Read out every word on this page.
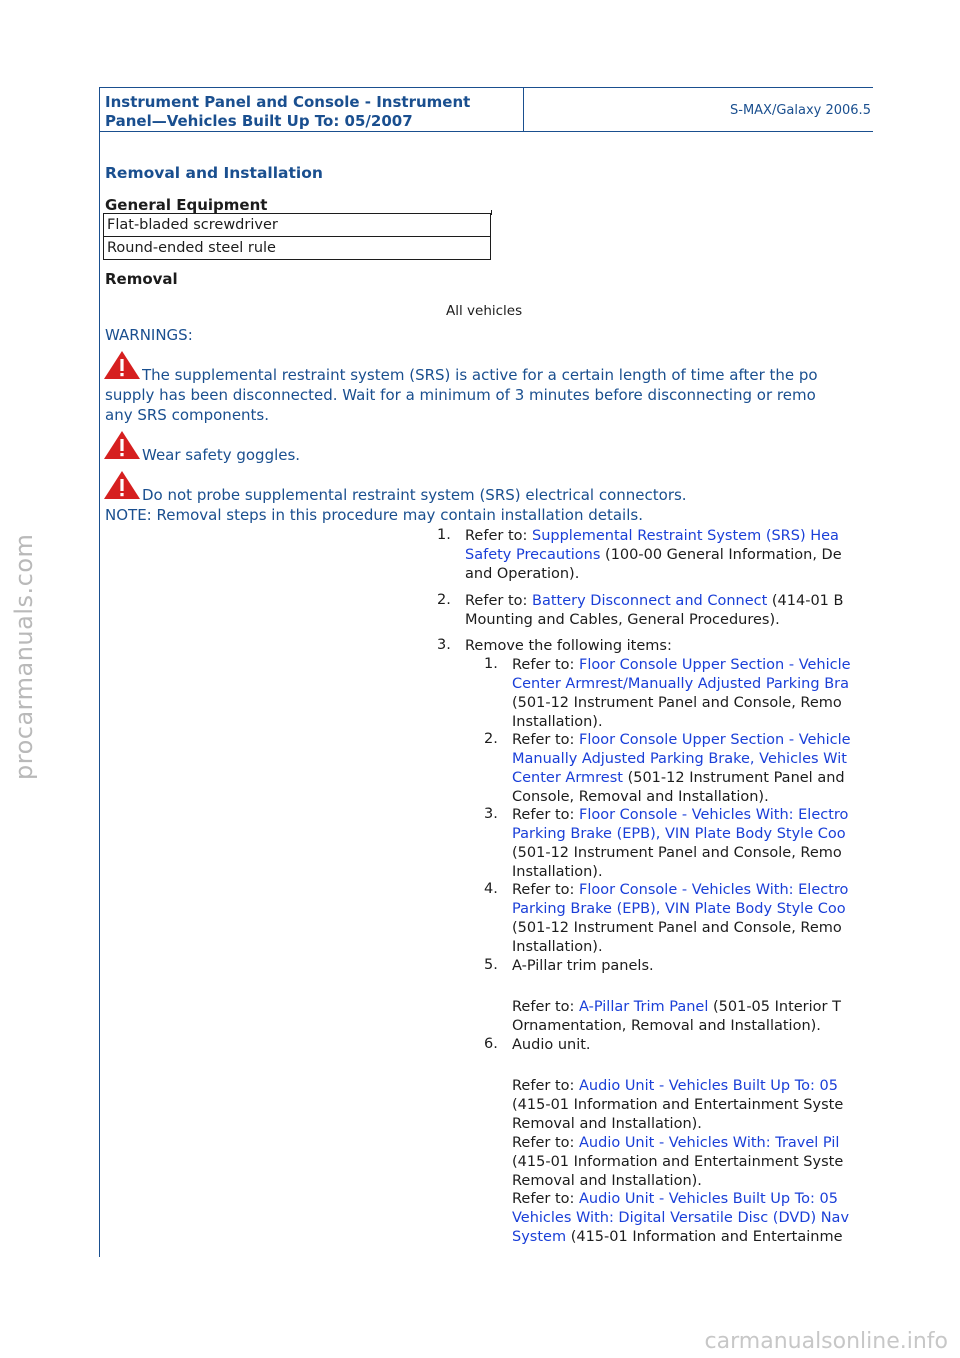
Instrument Panel and Console - Instrument
Panel—Vehicles Built Up To: 05/2007
S-MAX/Galaxy 2006.5
Removal and Installation
General Equipment
Flat-bladed screwdriver
Round-ended steel rule
Removal
All vehicles
WARNINGS:
The supplemental restraint system (SRS) is active for a certain length of time after the po
supply has been disconnected. Wait for a minimum of 3 minutes before disconnecting or remo
any SRS components.
Wear safety goggles.
Do not probe supplemental restraint system (SRS) electrical connectors.
NOTE: Removal steps in this procedure may contain installation details.
1. Refer to: Supplemental Restraint System (SRS) Hea
Safety Precautions (100-00 General Information, De
and Operation).
2. Refer to: Battery Disconnect and Connect (414-01 B
Mounting and Cables, General Procedures).
3. Remove the following items:
1. Refer to: Floor Console Upper Section - Vehicle
Center Armrest/Manually Adjusted Parking Bra
(501-12 Instrument Panel and Console, Remo
Installation).
2. Refer to: Floor Console Upper Section - Vehicle
Manually Adjusted Parking Brake, Vehicles Wit
Center Armrest (501-12 Instrument Panel and
Console, Removal and Installation).
3. Refer to: Floor Console - Vehicles With: Electro
Parking Brake (EPB), VIN Plate Body Style Coo
(501-12 Instrument Panel and Console, Remo
Installation).
4. Refer to: Floor Console - Vehicles With: Electro
Parking Brake (EPB), VIN Plate Body Style Coo
(501-12 Instrument Panel and Console, Remo
Installation).
5. A-Pillar trim panels.
Refer to: A-Pillar Trim Panel (501-05 Interior T
Ornamentation, Removal and Installation).
6. Audio unit.
Refer to: Audio Unit - Vehicles Built Up To: 05
(415-01 Information and Entertainment Syste
Removal and Installation).
Refer to: Audio Unit - Vehicles With: Travel Pil
(415-01 Information and Entertainment Syste
Removal and Installation).
Refer to: Audio Unit - Vehicles Built Up To: 05
Vehicles With: Digital Versatile Disc (DVD) Nav
System (415-01 Information and Entertainme
procarmanuals.com
carmanualsonline.info
